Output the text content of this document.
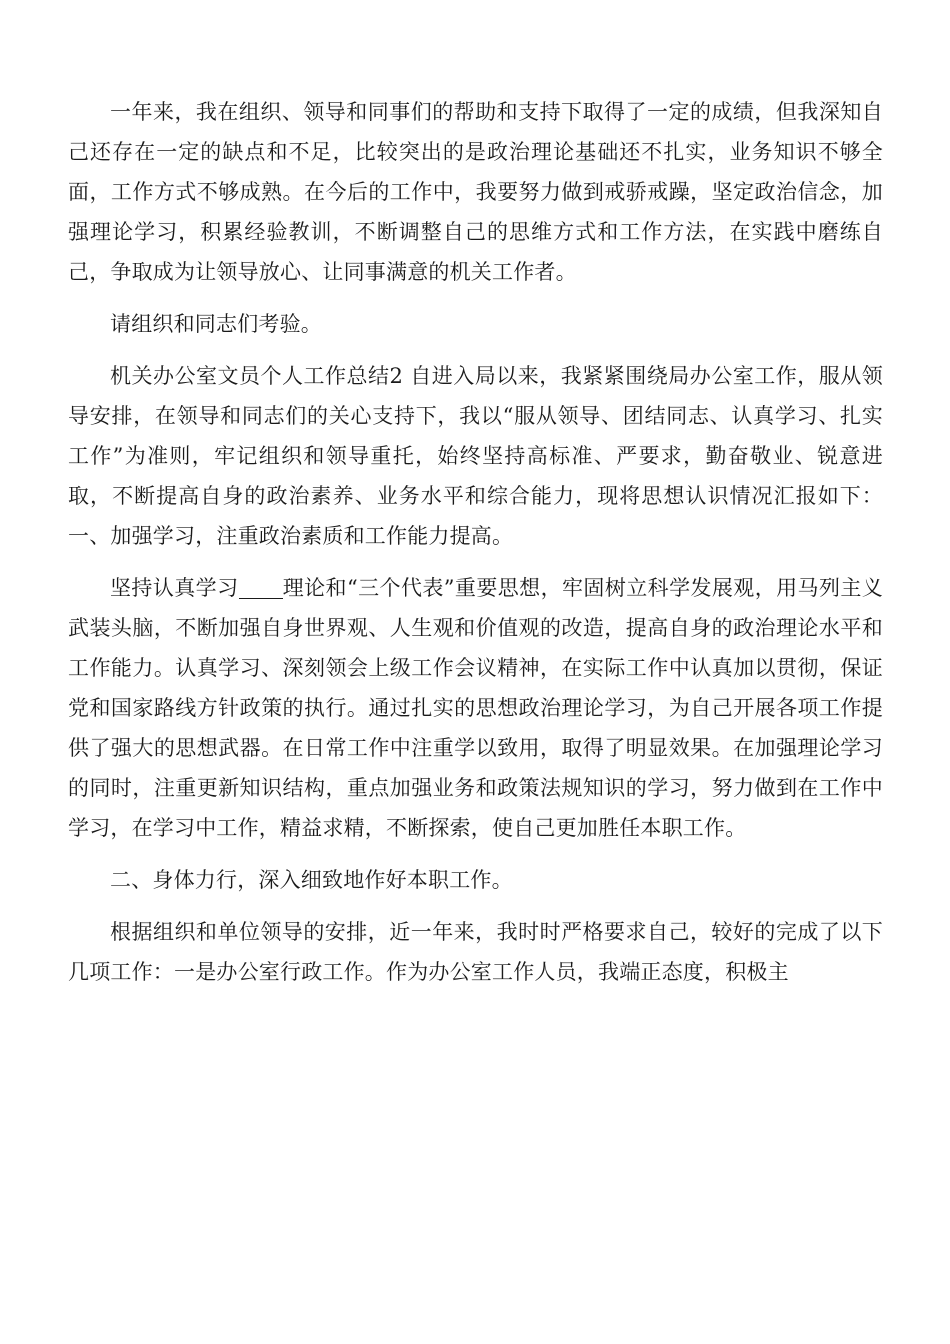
一年来，我在组织、领导和同事们的帮助和支持下取得了一定的成绩，但我深知自己还存在一定的缺点和不足，比较突出的是政治理论基础还不扎实，业务知识不够全面，工作方式不够成熟。在今后的工作中，我要努力做到戒骄戒躁，坚定政治信念，加强理论学习，积累经验教训，不断调整自己的思维方式和工作方法，在实践中磨练自己，争取成为让领导放心、让同事满意的机关工作者。

请组织和同志们考验。

机关办公室文员个人工作总结2 自进入局以来，我紧紧围绕局办公室工作，服从领导安排，在领导和同志们的关心支持下，我以“服从领导、团结同志、认真学习、扎实工作”为准则，牢记组织和领导重托，始终坚持高标准、严要求，勤奋敬业、锐意进取，不断提高自身的政治素养、业务水平和综合能力，现将思想认识情况汇报如下： 一、加强学习，注重政治素质和工作能力提高。

坚持认真学习 理论和“三个代表”重要思想，牢固树立科学发展观，用马列主义武装头脑，不断加强自身世界观、人生观和价值观的改造，提高自身的政治理论水平和工作能力。认真学习、深刻领会上级工作会议精神，在实际工作中认真加以贯彻，保证党和国家路线方针政策的执行。通过扎实的思想政治理论学习，为自己开展各项工作提供了强大的思想武器。在日常工作中注重学以致用，取得了明显效果。在加强理论学习的同时，注重更新知识结构，重点加强业务和政策法规知识的学习，努力做到在工作中学习，在学习中工作，精益求精，不断探索，使自己更加胜任本职工作。

二、身体力行，深入细致地作好本职工作。

根据组织和单位领导的安排，近一年来，我时时严格要求自己，较好的完成了以下几项工作：一是办公室行政工作。作为办公室工作人员，我端正态度，积极主
